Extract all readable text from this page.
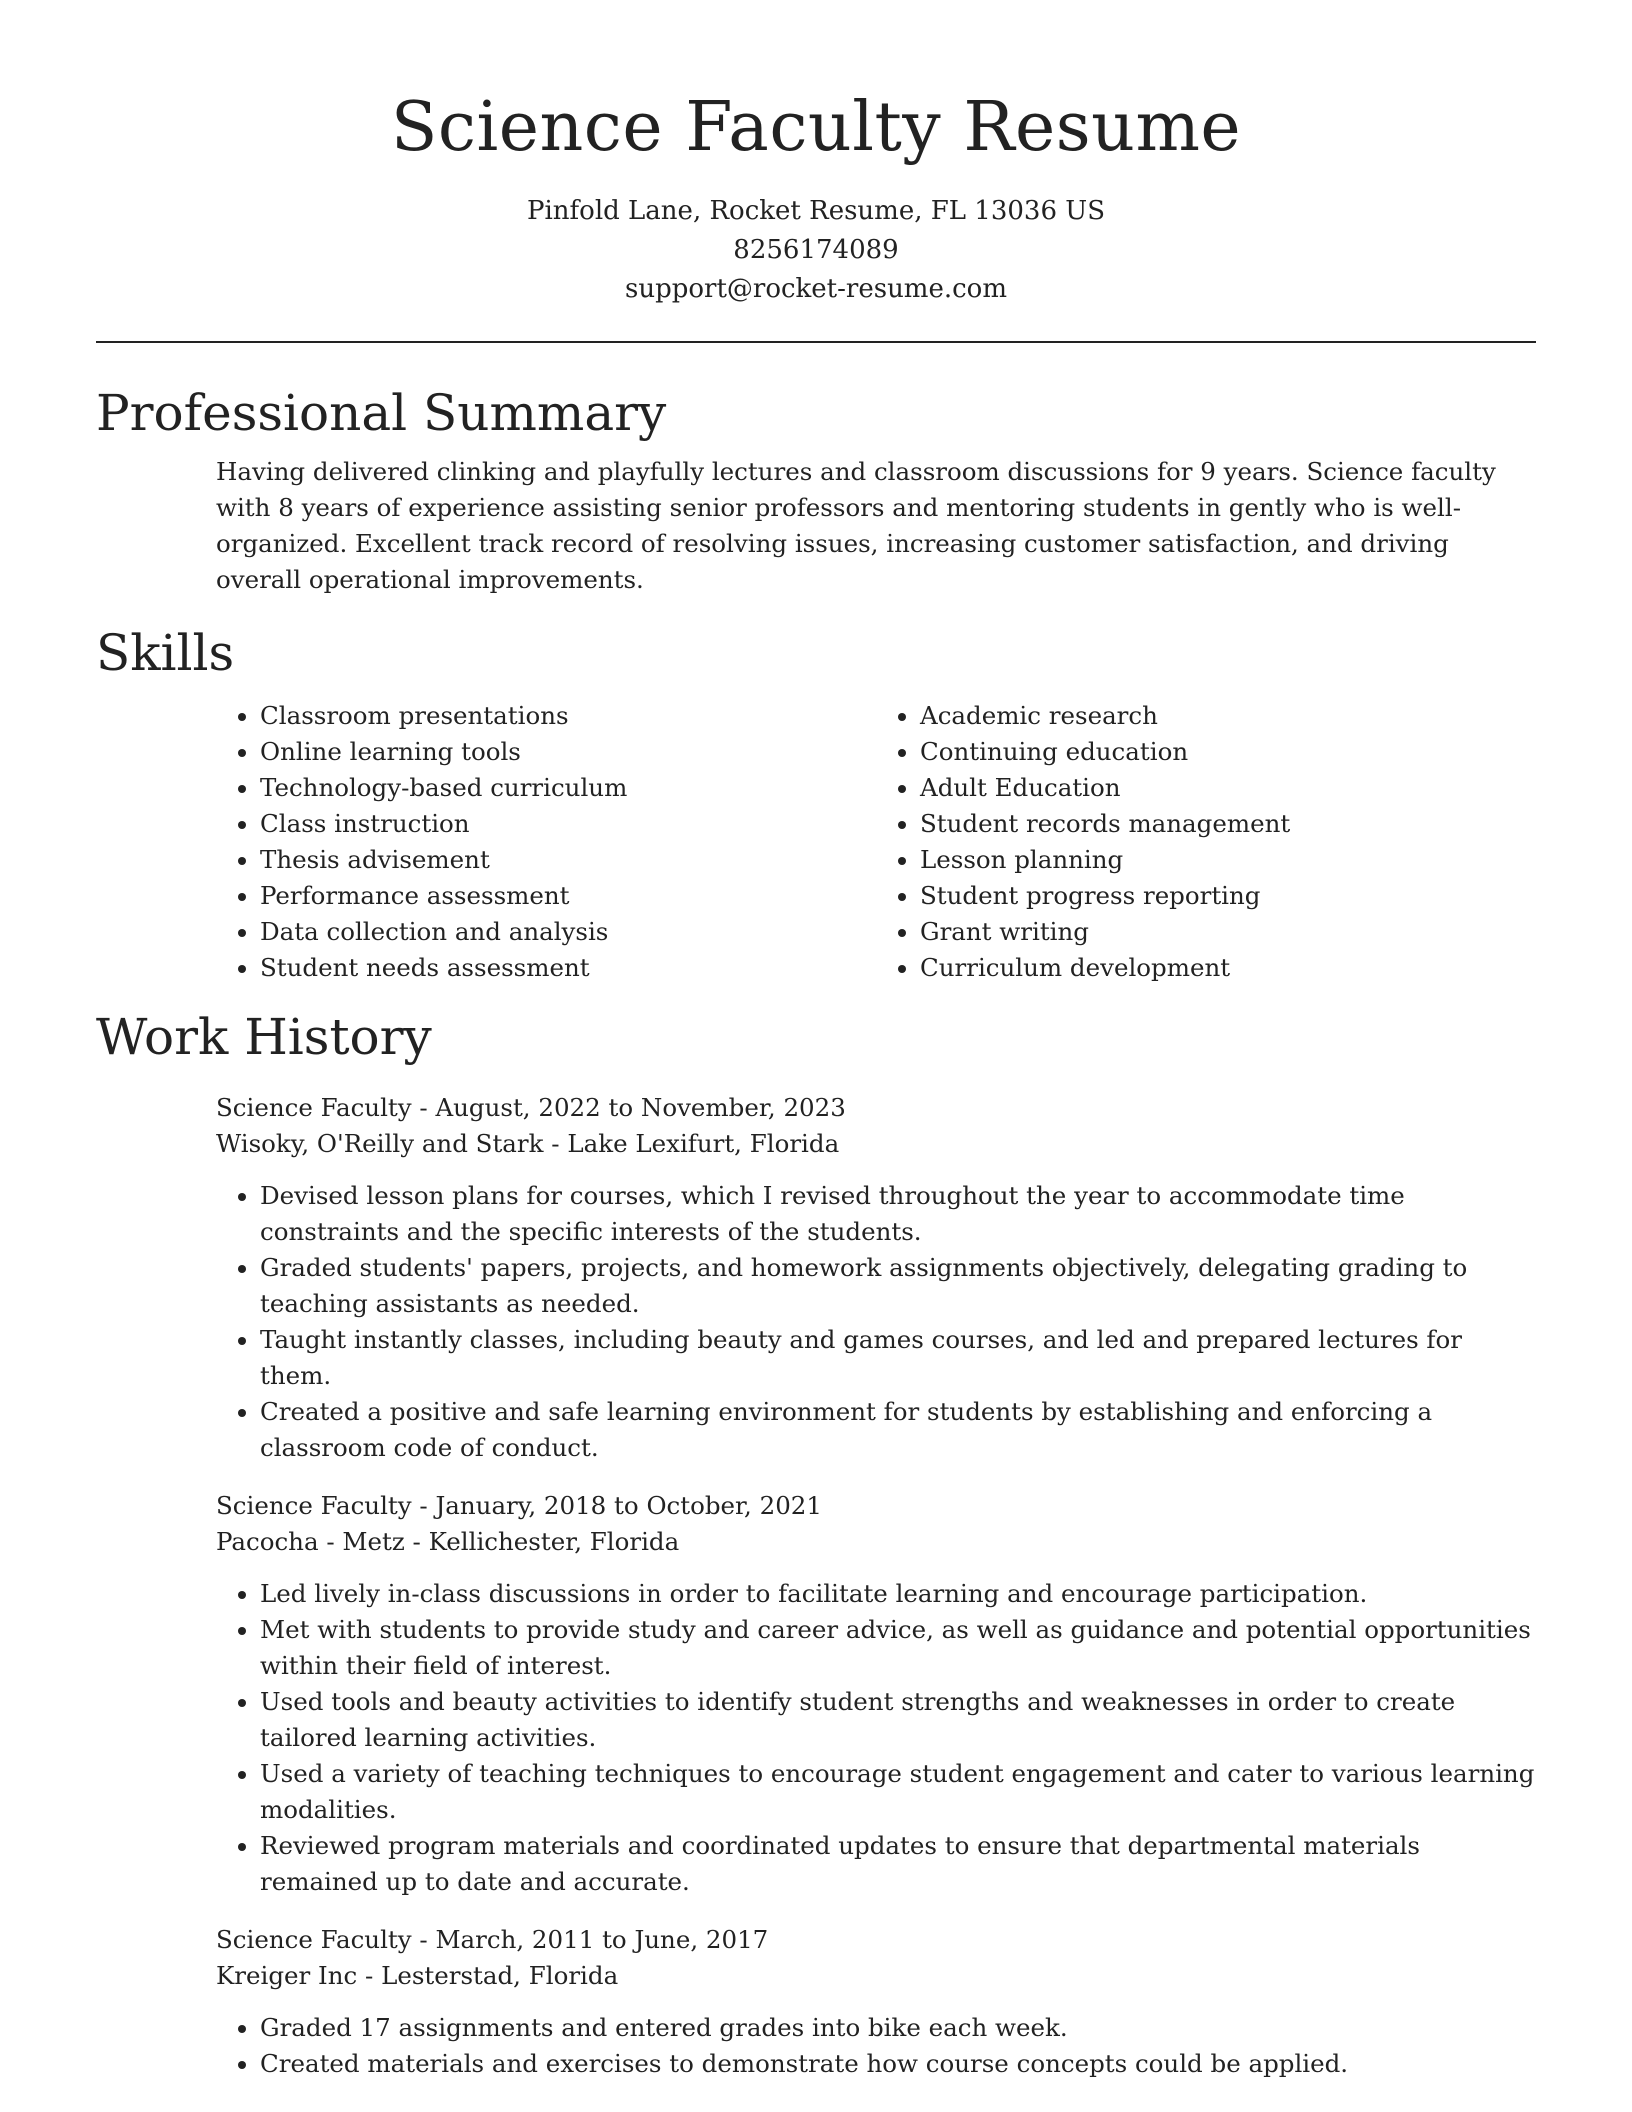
Science Faculty Resume
Pinfold Lane, Rocket Resume, FL 13036 US
8256174089
support@rocket-resume.com
Professional Summary

Having delivered clinking and playfully lectures and classroom discussions for 9 years. Science faculty with 8 years of experience assisting senior professors and mentoring students in gently who is well-organized. Excellent track record of resolving issues, increasing customer satisfaction, and driving overall operational improvements.

Skills
• Classroom presentations
• Online learning tools
• Technology-based curriculum
• Class instruction
• Thesis advisement
• Performance assessment
• Data collection and analysis
• Student needs assessment
• Academic research
• Continuing education
• Adult Education
• Student records management
• Lesson planning
• Student progress reporting
• Grant writing
• Curriculum development
Work History
Science Faculty - August, 2022 to November, 2023
Wisoky, O'Reilly and Stark - Lake Lexifurt, Florida
• Devised lesson plans for courses, which I revised throughout the year to accommodate time constraints and the specific interests of the students.
• Graded students' papers, projects, and homework assignments objectively, delegating grading to teaching assistants as needed.
• Taught instantly classes, including beauty and games courses, and led and prepared lectures for them.
• Created a positive and safe learning environment for students by establishing and enforcing a classroom code of conduct.
Science Faculty - January, 2018 to October, 2021
Pacocha - Metz - Kellichester, Florida
• Led lively in-class discussions in order to facilitate learning and encourage participation.
• Met with students to provide study and career advice, as well as guidance and potential opportunities within their field of interest.
• Used tools and beauty activities to identify student strengths and weaknesses in order to create tailored learning activities.
• Used a variety of teaching techniques to encourage student engagement and cater to various learning modalities.
• Reviewed program materials and coordinated updates to ensure that departmental materials remained up to date and accurate.
Science Faculty - March, 2011 to June, 2017
Kreiger Inc - Lesterstad, Florida
• Graded 17 assignments and entered grades into bike each week.
• Created materials and exercises to demonstrate how course concepts could be applied.
